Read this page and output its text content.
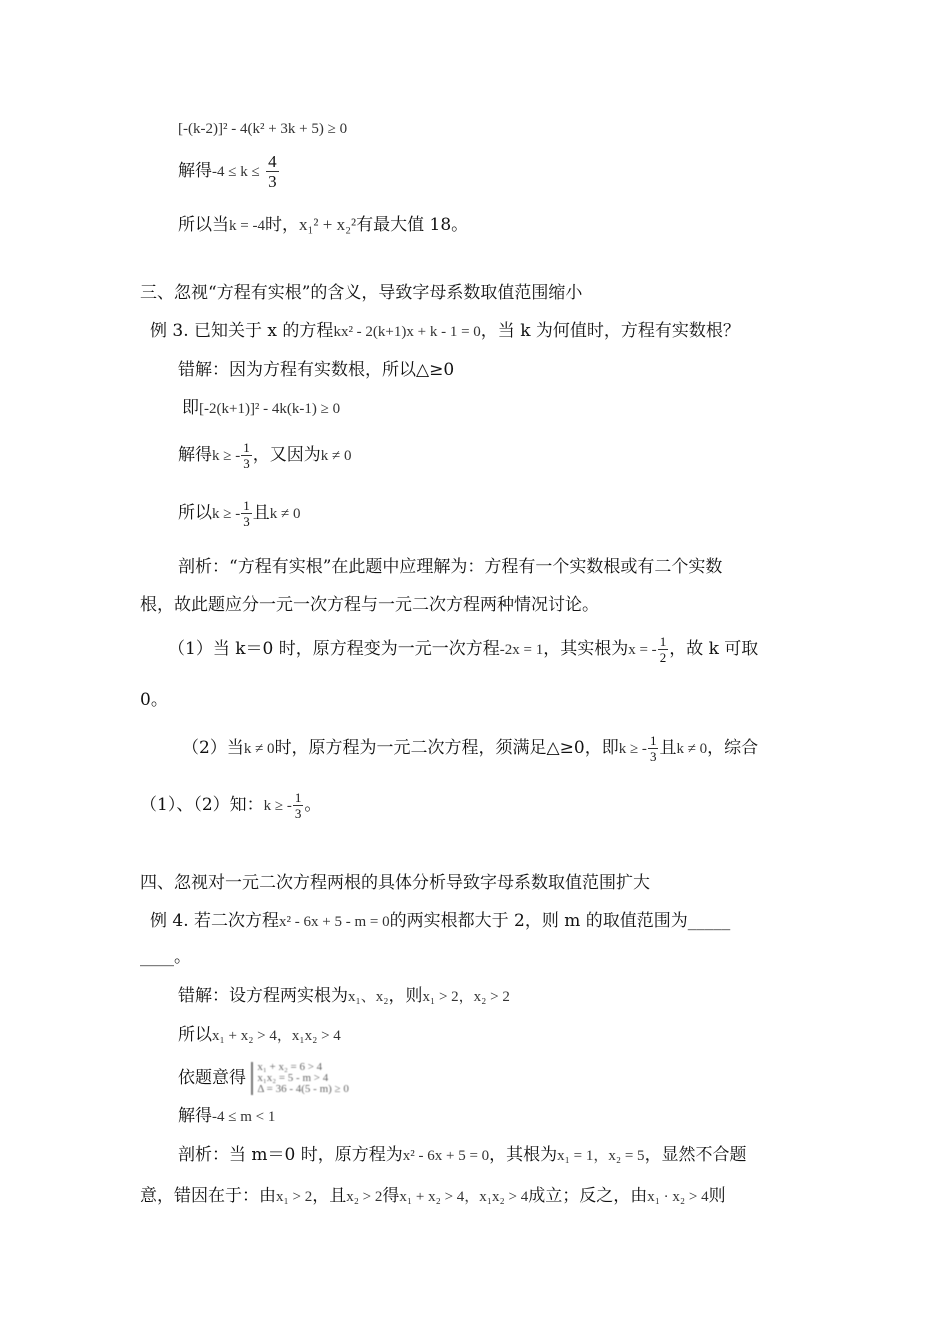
[-(k-2)]² - 4(k² + 3k + 5) ≥ 0
解得$-4 \le k \le \frac{4}{3}$
所以当k = -4时，x₁² + x₂²有最大值 18。
三、忽视“方程有实根”的含义，导致字母系数取值范围缩小
例 3. 已知关于 x 的方程kx² - 2(k+1)x + k - 1 = 0，当 k 为何值时，方程有实数根？
错解：因为方程有实数根，所以△≥0
即[-2(k+1)]² - 4k(k-1) ≥ 0
解得k ≥ - $\frac{1}{3}$ ，又因为k ≠ 0
所以k ≥ - $\frac{1}{3}$ 且k ≠ 0
剖析：“方程有实根”在此题中应理解为：方程有一个实数根或有二个实数
根，故此题应分一元一次方程与一元二次方程两种情况讨论。
（1）当 k＝0 时，原方程变为一元一次方程-2x = 1，其实根为x = - $\frac{1}{2}$ ，故 k 可取
0。
（2）当k ≠ 0时，原方程为一元二次方程，须满足△≥0，即k ≥ - $\frac{1}{3}$ 且k ≠ 0，综合
（1）、（2）知：k ≥ - $\frac{1}{3}$ 。
四、忽视对一元二次方程两根的具体分析导致字母系数取值范围扩大
例 4. 若二次方程x² - 6x + 5 - m = 0的两实根都大于 2，则 m 的取值范围为_____
____。
错解：设方程两实根为x₁、x₂，则x₁ > 2，x₂ > 2
所以x₁ + x₂ > 4，x₁x₂ > 4
依题意得
x₁ + x₂ = 6 > 4
x₁x₂ = 5 - m > 4
Δ = 36 - 4(5 - m) ≥ 0
解得-4 ≤ m < 1
剖析：当 m＝0 时，原方程为x² - 6x + 5 = 0，其根为x₁ = 1，x₂ = 5，显然不合题
意，错因在于：由x₁ > 2，且x₂ > 2得x₁ + x₂ > 4，x₁x₂ > 4成立；反之，由x₁ · x₂ > 4则
